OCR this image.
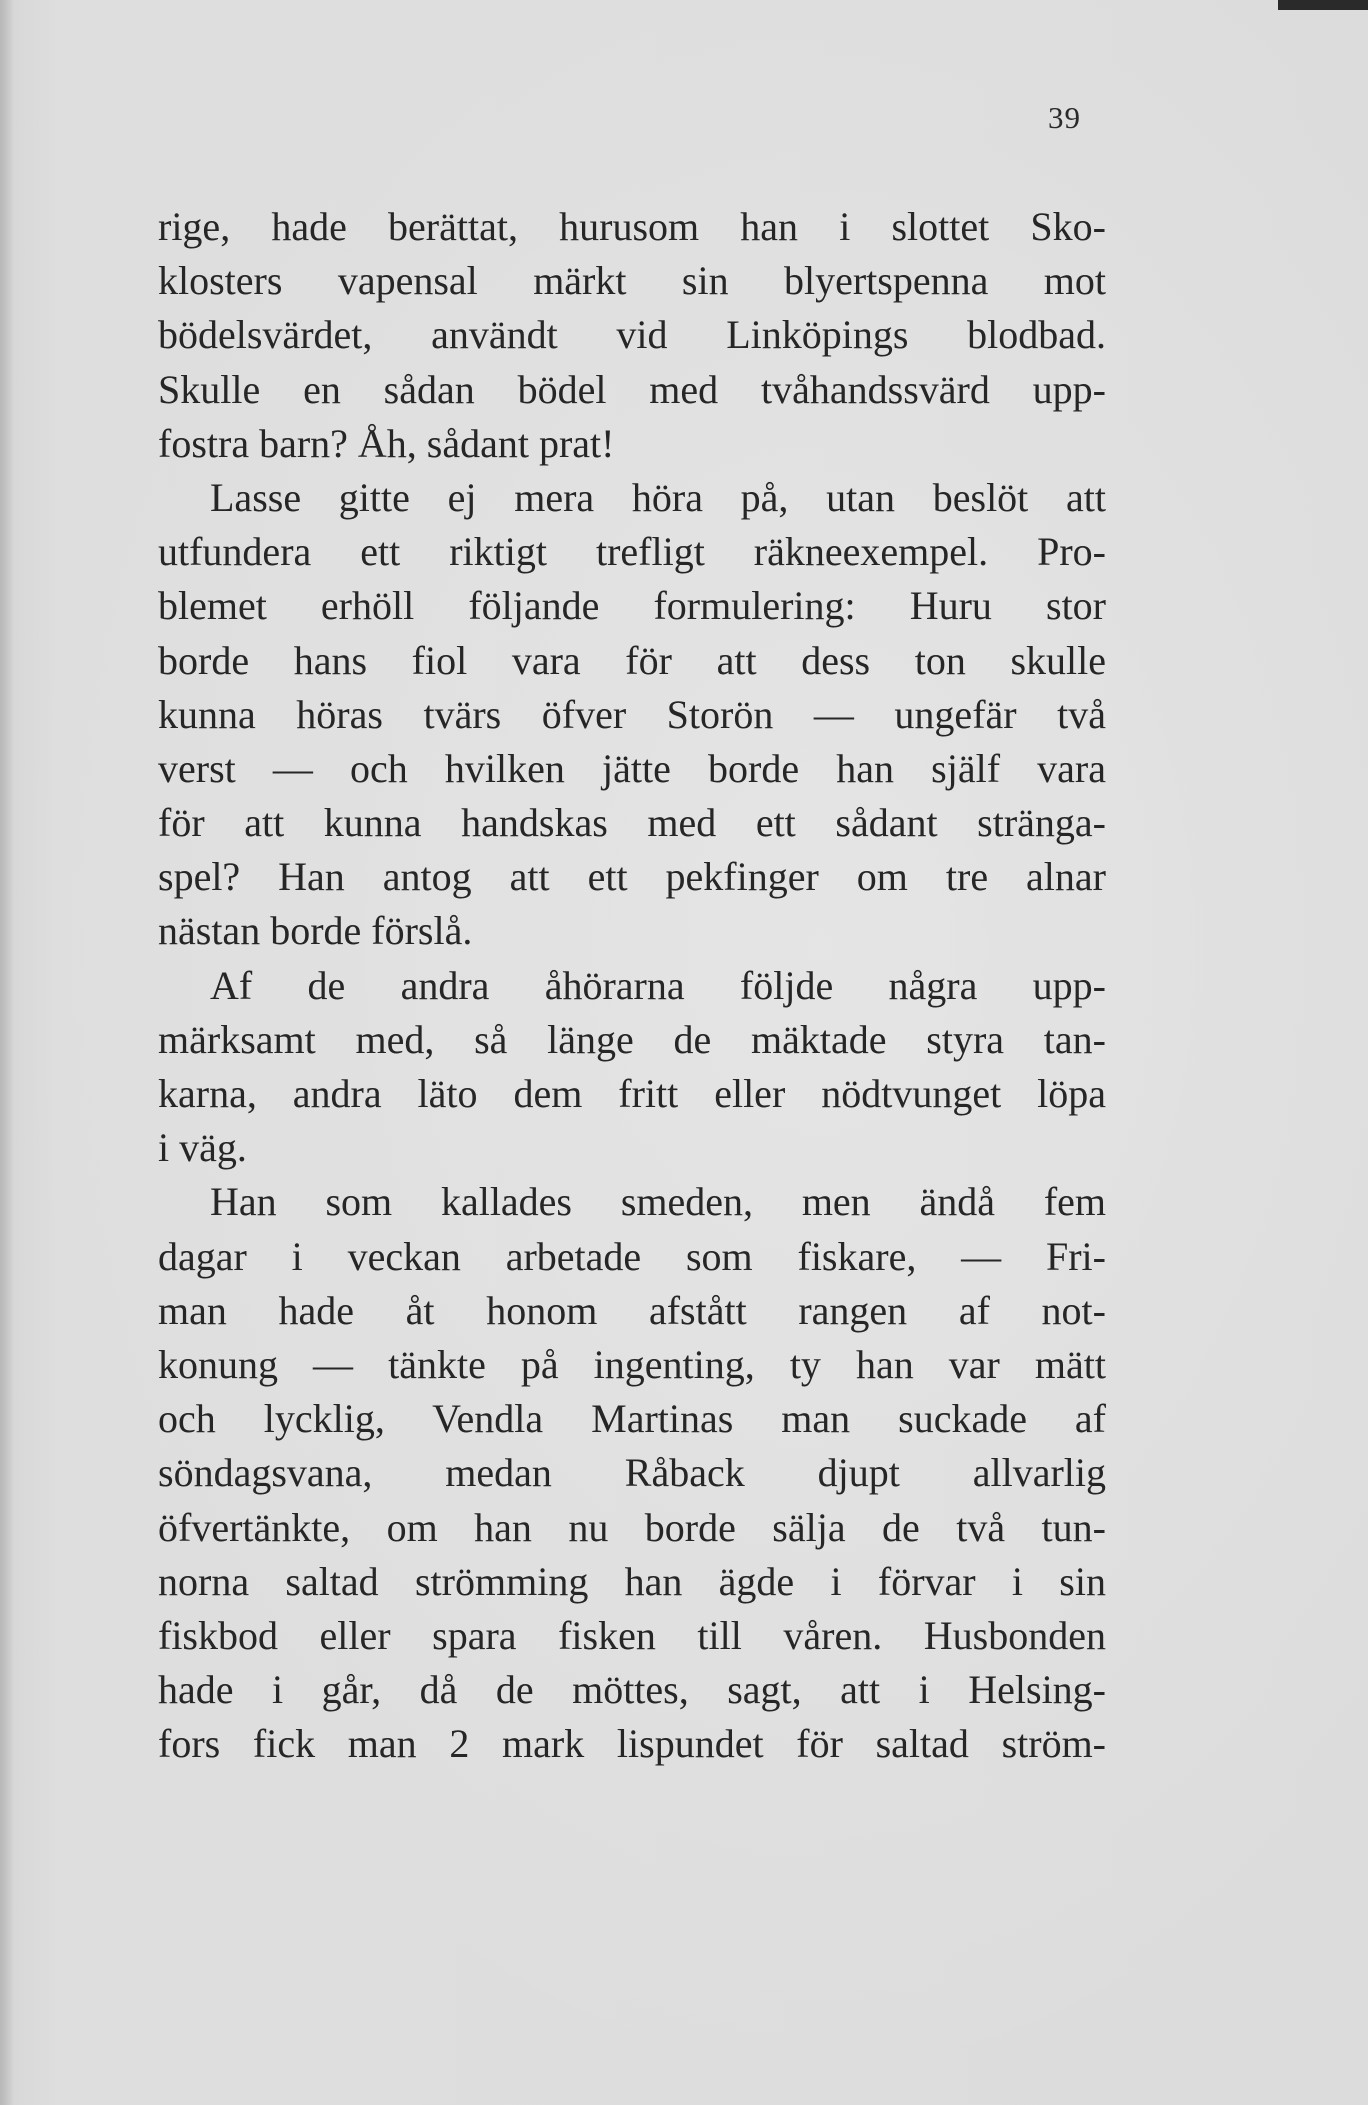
39
rige, hade berättat, hurusom han i slottet Sko-
klosters vapensal märkt sin blyertspenna mot
bödelsvärdet, användt vid Linköpings blodbad.
Skulle en sådan bödel med tvåhandssvärd upp-
fostra barn? Åh, sådant prat!
Lasse gitte ej mera höra på, utan beslöt att
utfundera ett riktigt trefligt räkneexempel. Pro-
blemet erhöll följande formulering: Huru stor
borde hans fiol vara för att dess ton skulle
kunna höras tvärs öfver Storön — ungefär två
verst — och hvilken jätte borde han själf vara
för att kunna handskas med ett sådant stränga-
spel? Han antog att ett pekfinger om tre alnar
nästan borde förslå.
Af de andra åhörarna följde några upp-
märksamt med, så länge de mäktade styra tan-
karna, andra läto dem fritt eller nödtvunget löpa
i väg.
Han som kallades smeden, men ändå fem
dagar i veckan arbetade som fiskare, — Fri-
man hade åt honom afstått rangen af not-
konung — tänkte på ingenting, ty han var mätt
och lycklig, Vendla Martinas man suckade af
söndagsvana, medan Råback djupt allvarlig
öfvertänkte, om han nu borde sälja de två tun-
norna saltad strömming han ägde i förvar i sin
fiskbod eller spara fisken till våren. Husbonden
hade i går, då de möttes, sagt, att i Helsing-
fors fick man 2 mark lispundet för saltad ström-
